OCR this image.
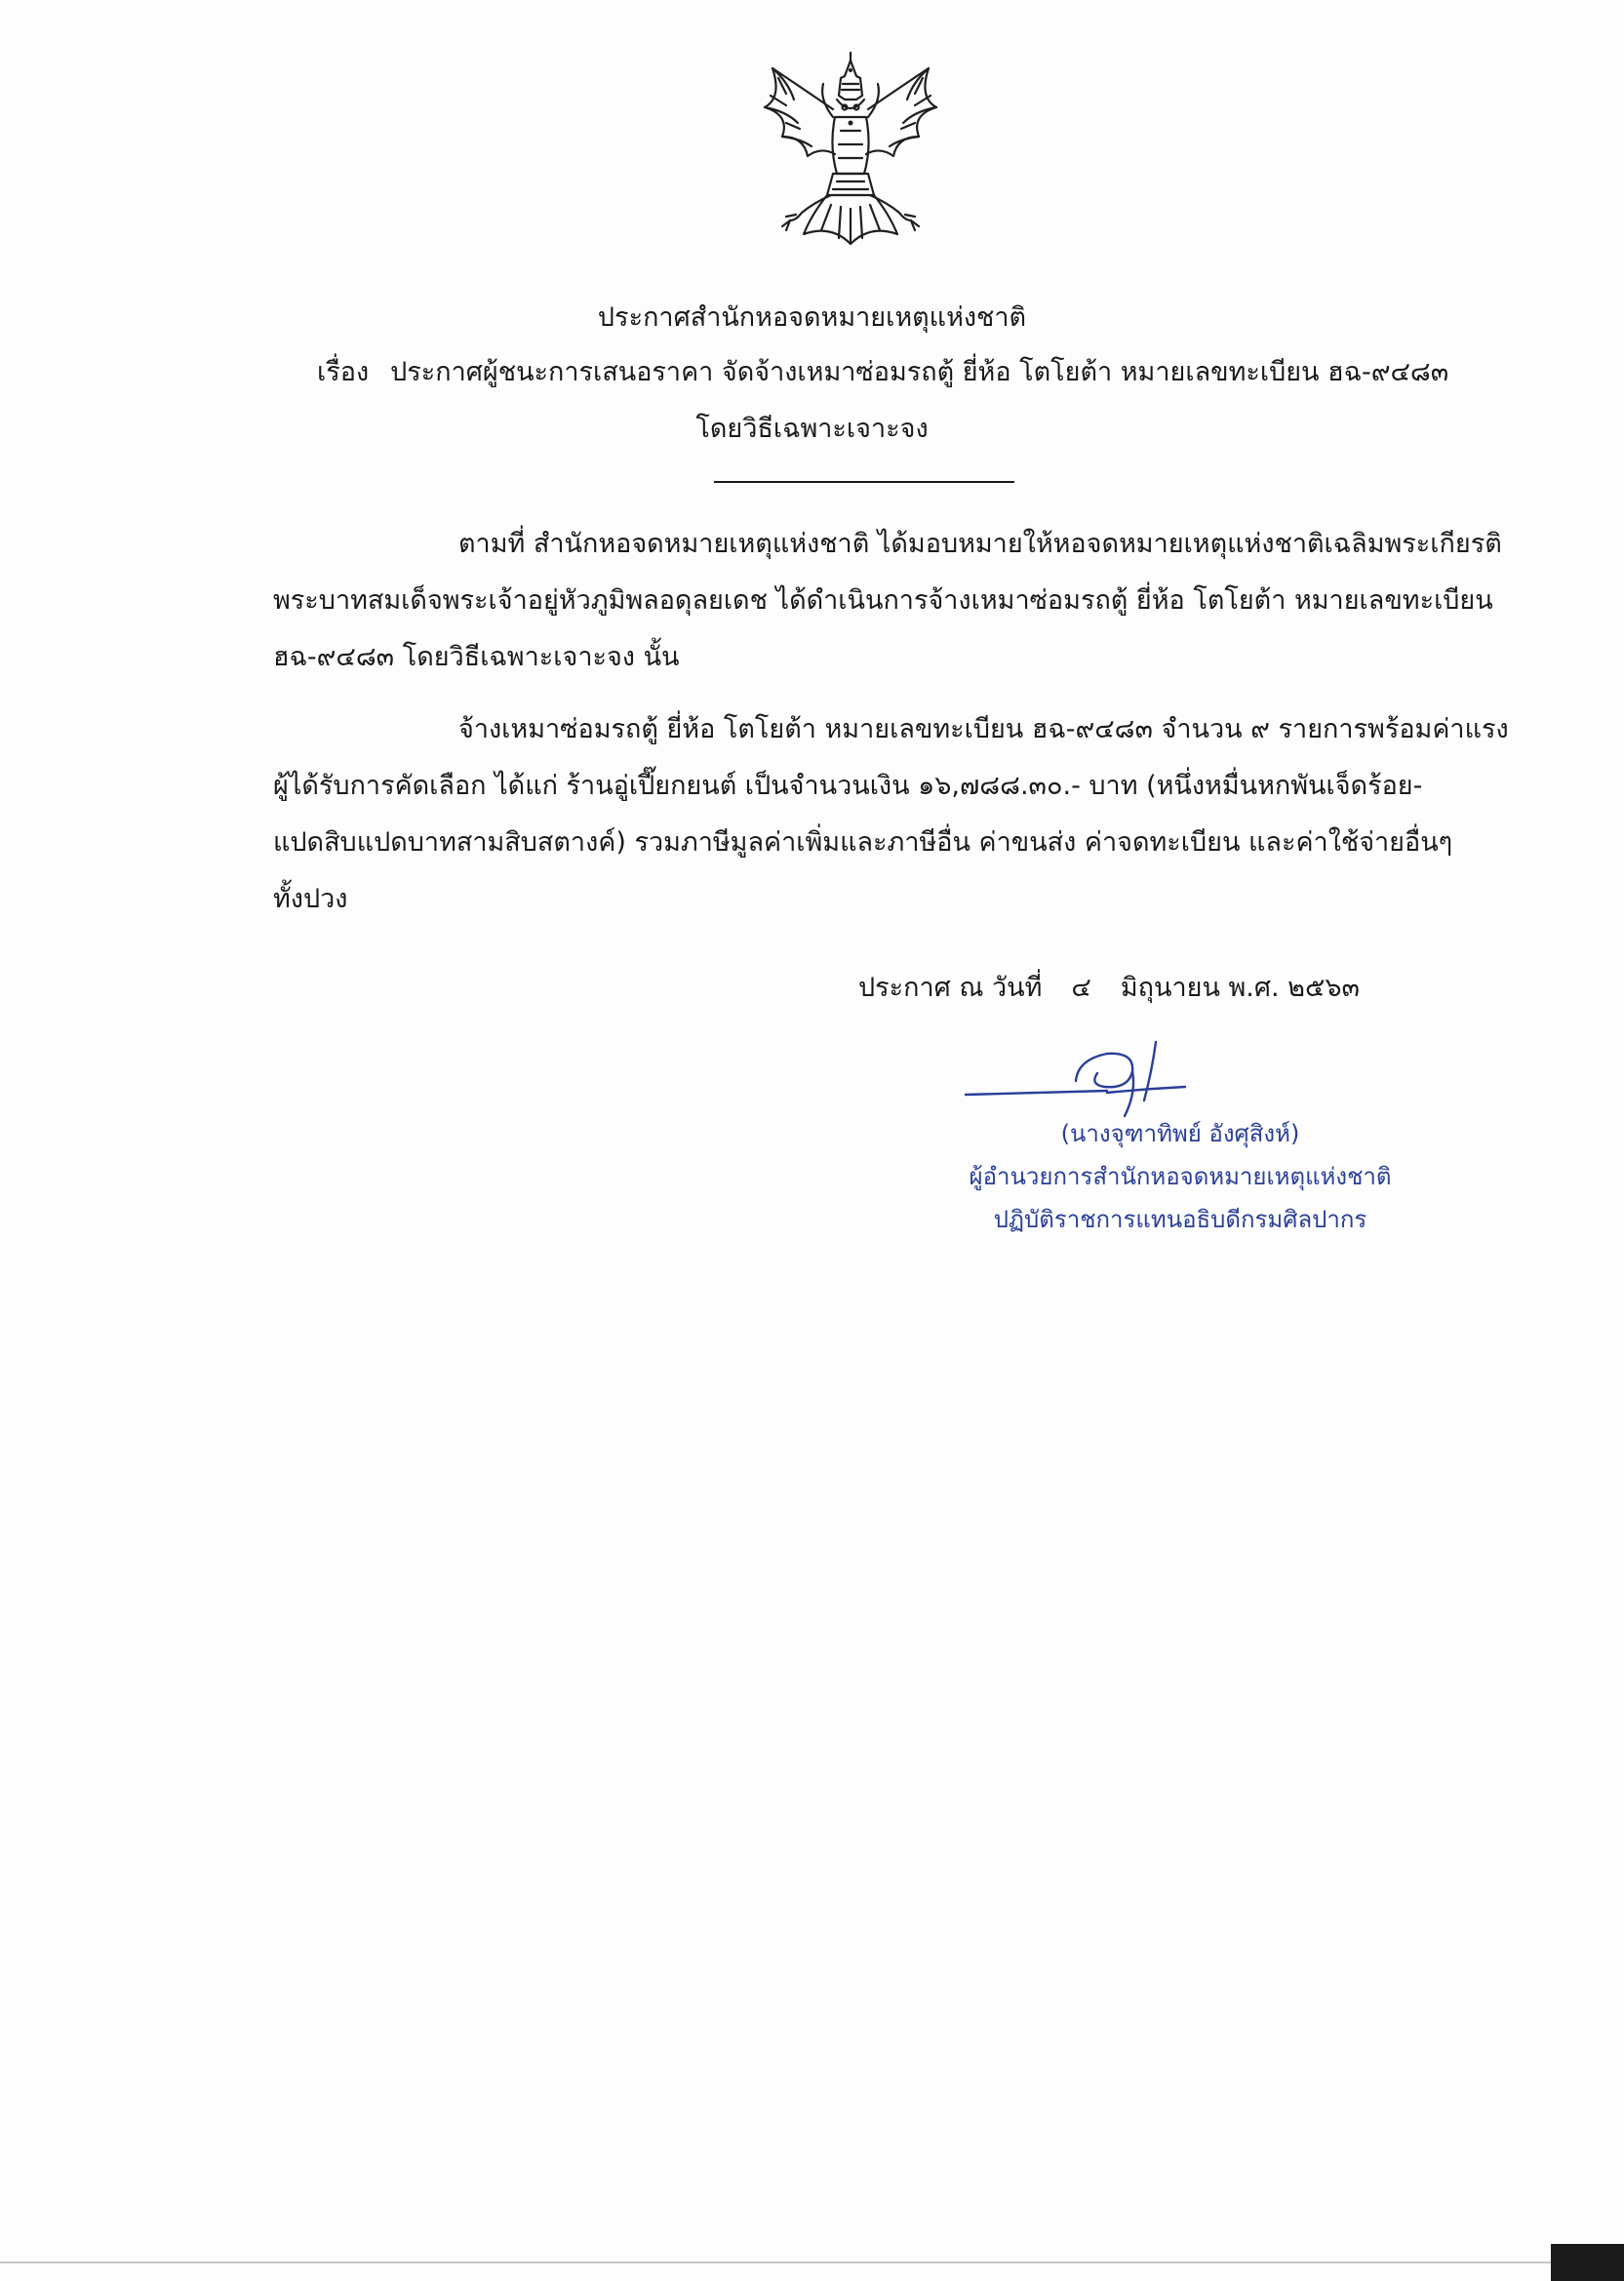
ประกาศสำนักหอจดหมายเหตุแห่งชาติ
เรื่อง ประกาศผู้ชนะการเสนอราคา จัดจ้างเหมาซ่อมรถตู้ ยี่ห้อ โตโยต้า หมายเลขทะเบียน ฮฉ-๙๔๘๓
โดยวิธีเฉพาะเจาะจง
ตามที่ สำนักหอจดหมายเหตุแห่งชาติ ได้มอบหมายให้หอจดหมายเหตุแห่งชาติเฉลิมพระเกียรติ
พระบาทสมเด็จพระเจ้าอยู่หัวภูมิพลอดุลยเดช ได้ดำเนินการจ้างเหมาซ่อมรถตู้ ยี่ห้อ โตโยต้า หมายเลขทะเบียน
ฮฉ-๙๔๘๓ โดยวิธีเฉพาะเจาะจง นั้น
จ้างเหมาซ่อมรถตู้ ยี่ห้อ โตโยต้า หมายเลขทะเบียน ฮฉ-๙๔๘๓ จำนวน ๙ รายการพร้อมค่าแรง
ผู้ได้รับการคัดเลือก ได้แก่ ร้านอู่เปี๊ยกยนต์ เป็นจำนวนเงิน ๑๖,๗๘๘.๓๐.- บาท (หนึ่งหมื่นหกพันเจ็ดร้อย-
แปดสิบแปดบาทสามสิบสตางค์) รวมภาษีมูลค่าเพิ่มและภาษีอื่น ค่าขนส่ง ค่าจดทะเบียน และค่าใช้จ่ายอื่นๆ
ทั้งปวง
ประกาศ ณ วันที่ ๔ มิถุนายน พ.ศ. ๒๕๖๓
(นางจุฑาทิพย์ อังศุสิงห์)
ผู้อำนวยการสำนักหอจดหมายเหตุแห่งชาติ
ปฏิบัติราชการแทนอธิบดีกรมศิลปากร
